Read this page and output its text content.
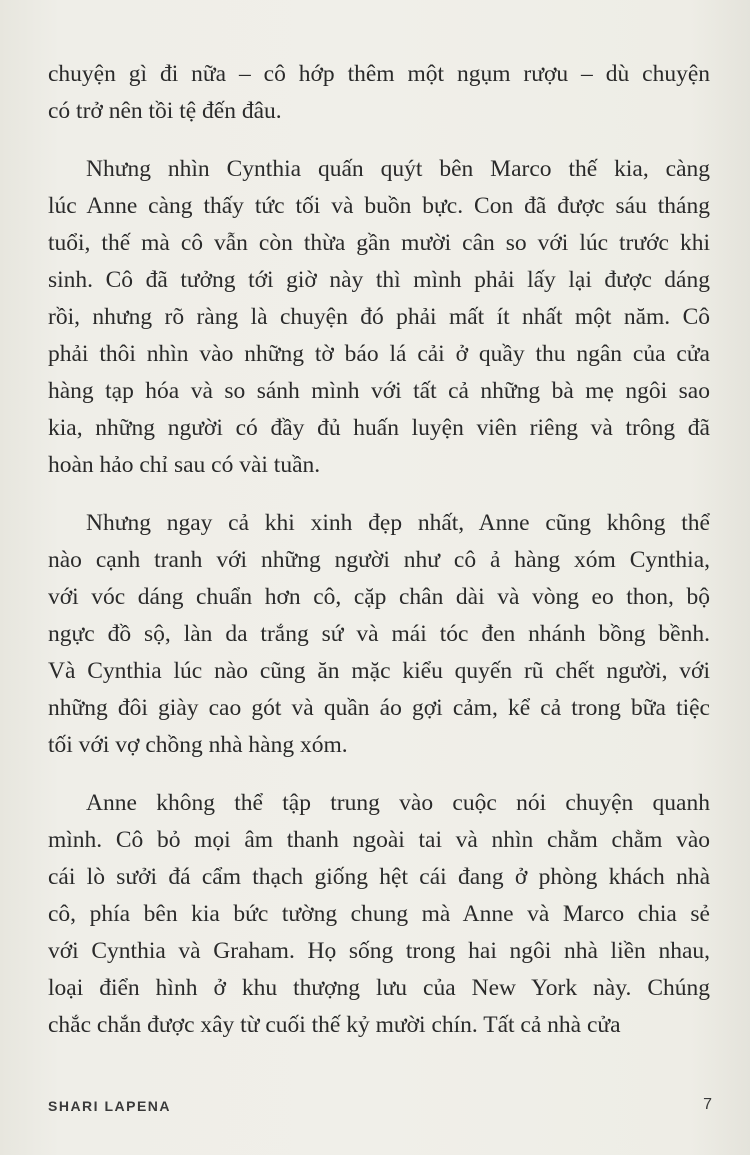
chuyện gì đi nữa – cô hớp thêm một ngụm rượu – dù chuyện
có trở nên tồi tệ đến đâu.
Nhưng nhìn Cynthia quấn quýt bên Marco thế kia, càng
lúc Anne càng thấy tức tối và buồn bực. Con đã được sáu tháng
tuổi, thế mà cô vẫn còn thừa gần mười cân so với lúc trước khi
sinh. Cô đã tưởng tới giờ này thì mình phải lấy lại được dáng
rồi, nhưng rõ ràng là chuyện đó phải mất ít nhất một năm. Cô
phải thôi nhìn vào những tờ báo lá cải ở quầy thu ngân của cửa
hàng tạp hóa và so sánh mình với tất cả những bà mẹ ngôi sao
kia, những người có đầy đủ huấn luyện viên riêng và trông đã
hoàn hảo chỉ sau có vài tuần.
Nhưng ngay cả khi xinh đẹp nhất, Anne cũng không thể
nào cạnh tranh với những người như cô ả hàng xóm Cynthia,
với vóc dáng chuẩn hơn cô, cặp chân dài và vòng eo thon, bộ
ngực đồ sộ, làn da trắng sứ và mái tóc đen nhánh bồng bềnh.
Và Cynthia lúc nào cũng ăn mặc kiểu quyến rũ chết người, với
những đôi giày cao gót và quần áo gợi cảm, kể cả trong bữa tiệc
tối với vợ chồng nhà hàng xóm.
Anne không thể tập trung vào cuộc nói chuyện quanh
mình. Cô bỏ mọi âm thanh ngoài tai và nhìn chằm chằm vào
cái lò sưởi đá cẩm thạch giống hệt cái đang ở phòng khách nhà
cô, phía bên kia bức tường chung mà Anne và Marco chia sẻ
với Cynthia và Graham. Họ sống trong hai ngôi nhà liền nhau,
loại điển hình ở khu thượng lưu của New York này. Chúng
chắc chắn được xây từ cuối thế kỷ mười chín. Tất cả nhà cửa
SHARI LAPENA	7
